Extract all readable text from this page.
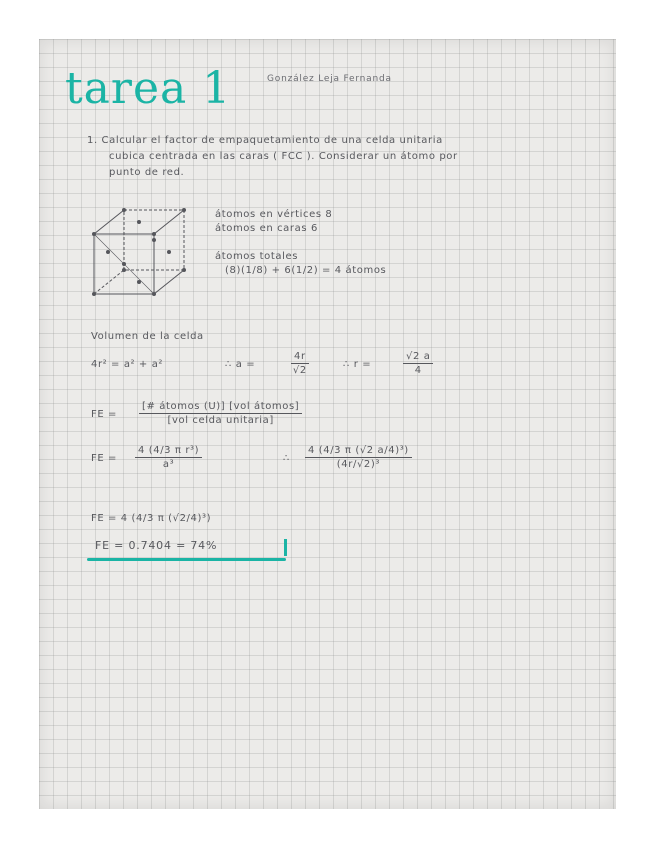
tarea 1	González Leja Fernanda
1. Calcular el factor de empaquetamiento de una celda unitaria
cubica centrada en las caras ( FCC ). Considerar un átomo por
punto de red.
átomos en vértices 8
átomos en caras 6
átomos totales
(8)(1/8) + 6(1/2) = 4 átomos
Volumen de la celda
4r² = a² + a²	∴ a =	$\frac{4r}{√2}$	∴ r =	$\frac{√2 a}{4}$
FE =
[# átomos (U)] [vol átomos]
[vol celda unitaria]
FE = $\frac{\text{4 (4/3 π r³)}}{\text{a³}}$	∴ $\frac{\text{4 (4/3 π (√2 a/4)³)}}{\text{(4r/√2)³}}$
FE = 4 (4/3 π (√2/4)³)
FE = 0.7404 = 74%
